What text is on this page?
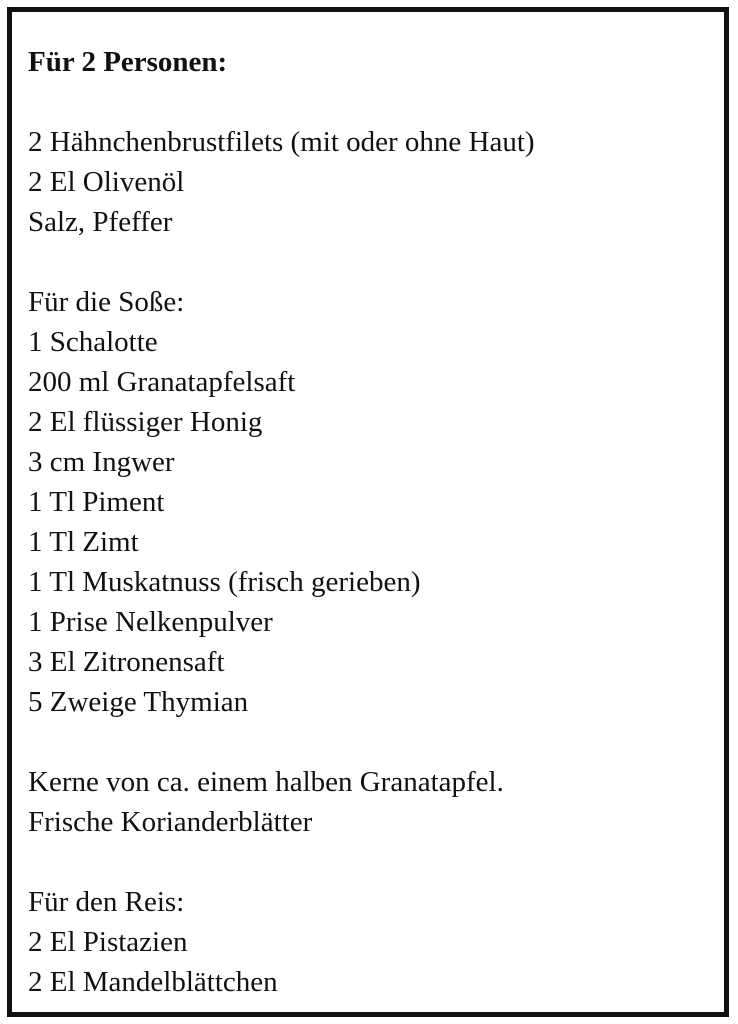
Für 2 Personen:
2 Hähnchenbrustfilets (mit oder ohne Haut)
2 El Olivenöl
Salz, Pfeffer
Für die Soße:
1 Schalotte
200 ml Granatapfelsaft
2 El flüssiger Honig
3 cm Ingwer
1 Tl Piment
1 Tl Zimt
1 Tl Muskatnuss (frisch gerieben)
1 Prise Nelkenpulver
3 El Zitronensaft
5 Zweige Thymian
Kerne von ca. einem halben Granatapfel.
Frische Korianderblätter
Für den Reis:
2 El Pistazien
2 El Mandelblättchen
